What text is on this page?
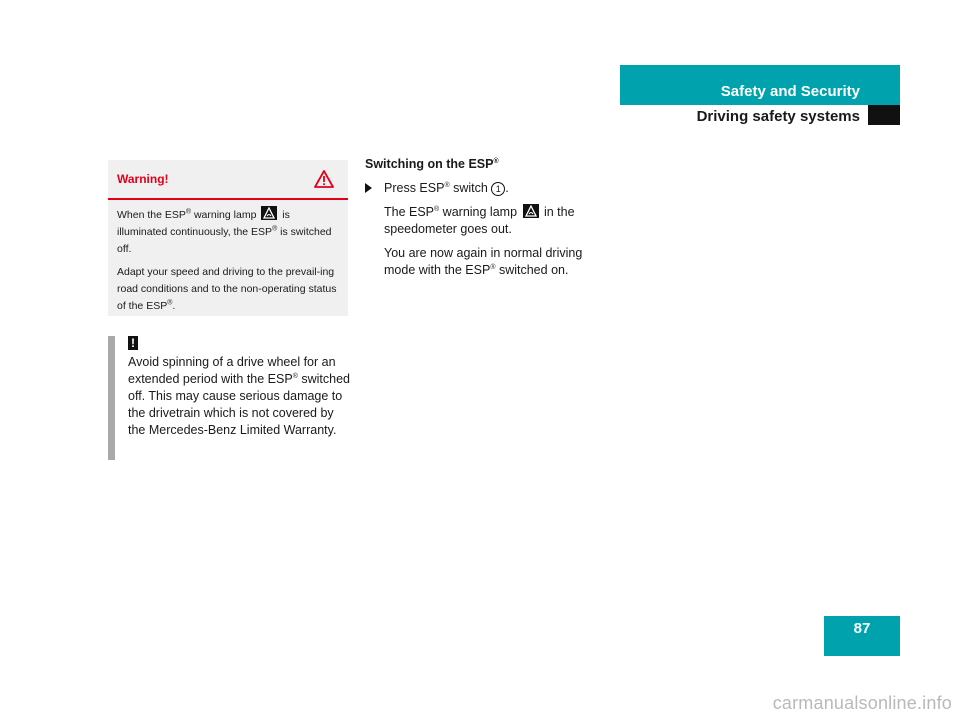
Safety and Security
Driving safety systems
Warning!

When the ESP® warning lamp
is illuminated continuously, the ESP® is switched off.

Adapt your speed and driving to the prevail-ing road conditions and to the non-operating status of the ESP®.

!
Avoid spinning of a drive wheel for an extended period with the ESP® switched off. This may cause serious damage to the drivetrain which is not covered by the Mercedes-Benz Limited Warranty.
Switching on the ESP®
Press ESP® switch 1 .
The ESP® warning lamp
in the speedometer goes out.
You are now again in normal driving mode with the ESP® switched on.
87
carmanualsonline.info
